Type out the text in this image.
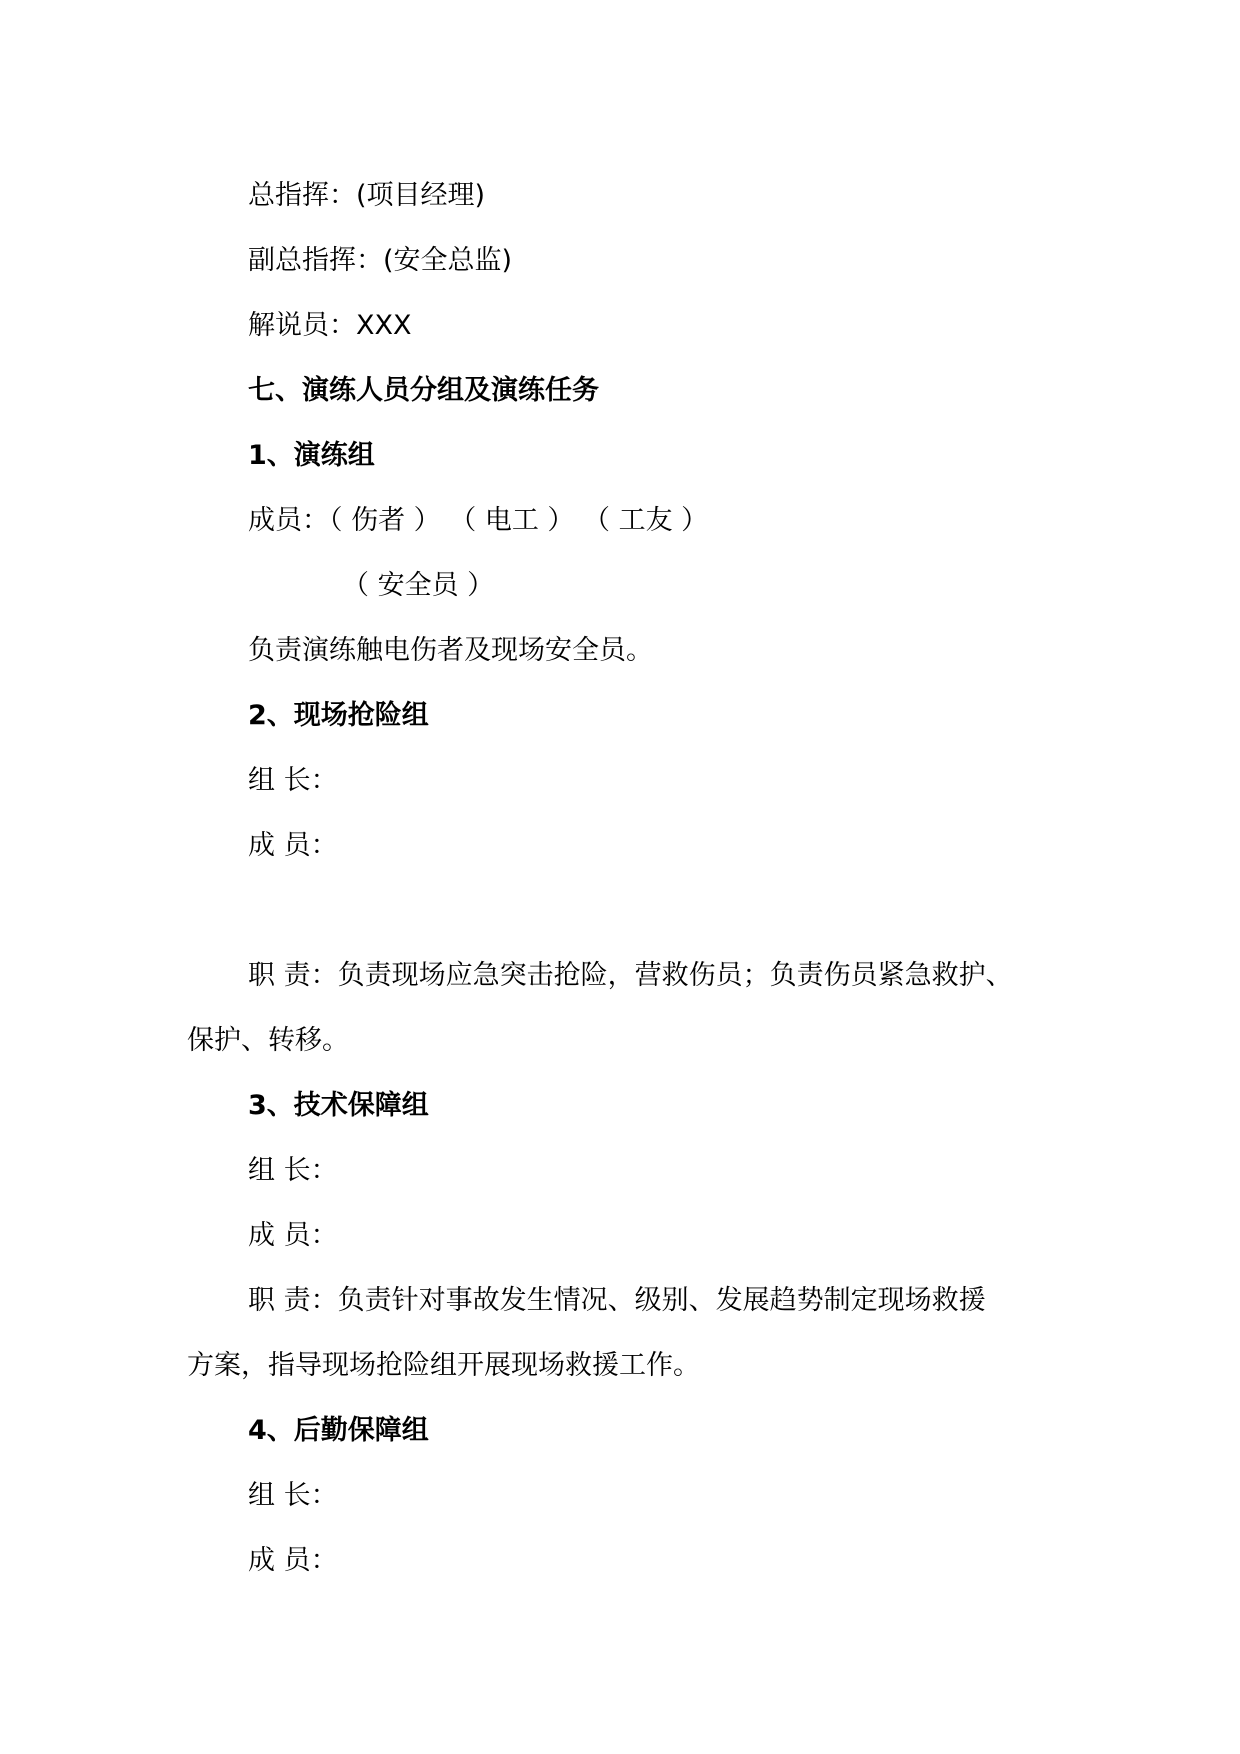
总指挥：(项目经理)
副总指挥：(安全总监)
解说员：XXX
七、演练人员分组及演练任务
1、演练组
成员：（ 伤者 ） （ 电工 ） （ 工友 ）
（ 安全员 ）
负责演练触电伤者及现场安全员。
2、现场抢险组
组 长：
成 员：
职 责：负责现场应急突击抢险，营救伤员；负责伤员紧急救护、
保护、转移。
3、技术保障组
组 长：
成 员：
职 责：负责针对事故发生情况、级别、发展趋势制定现场救援
方案，指导现场抢险组开展现场救援工作。
4、后勤保障组
组 长：
成 员：
